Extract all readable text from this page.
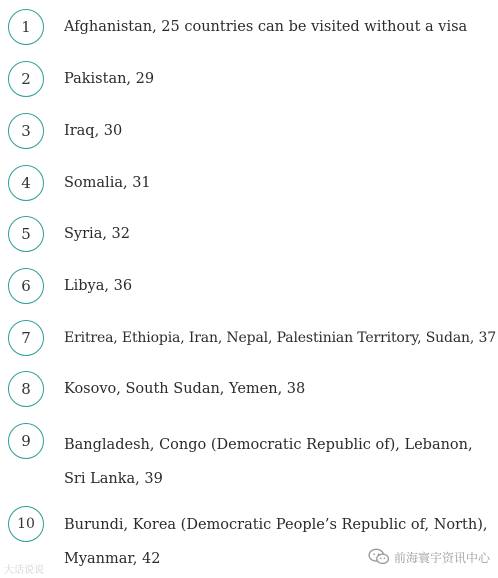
1	Afghanistan, 25 countries can be visited without a visa
2	Pakistan, 29
3	Iraq, 30
4	Somalia, 31
5	Syria, 32
6	Libya, 36
7	Eritrea, Ethiopia, Iran, Nepal, Palestinian Territory, Sudan, 37
8	Kosovo, South Sudan, Yemen, 38
9	Bangladesh, Congo (Democratic Republic of), Lebanon, Sri Lanka, 39
10	Burundi, Korea (Democratic People’s Republic of, North), Myanmar, 42
大话说说
前海寰宇资讯中心
